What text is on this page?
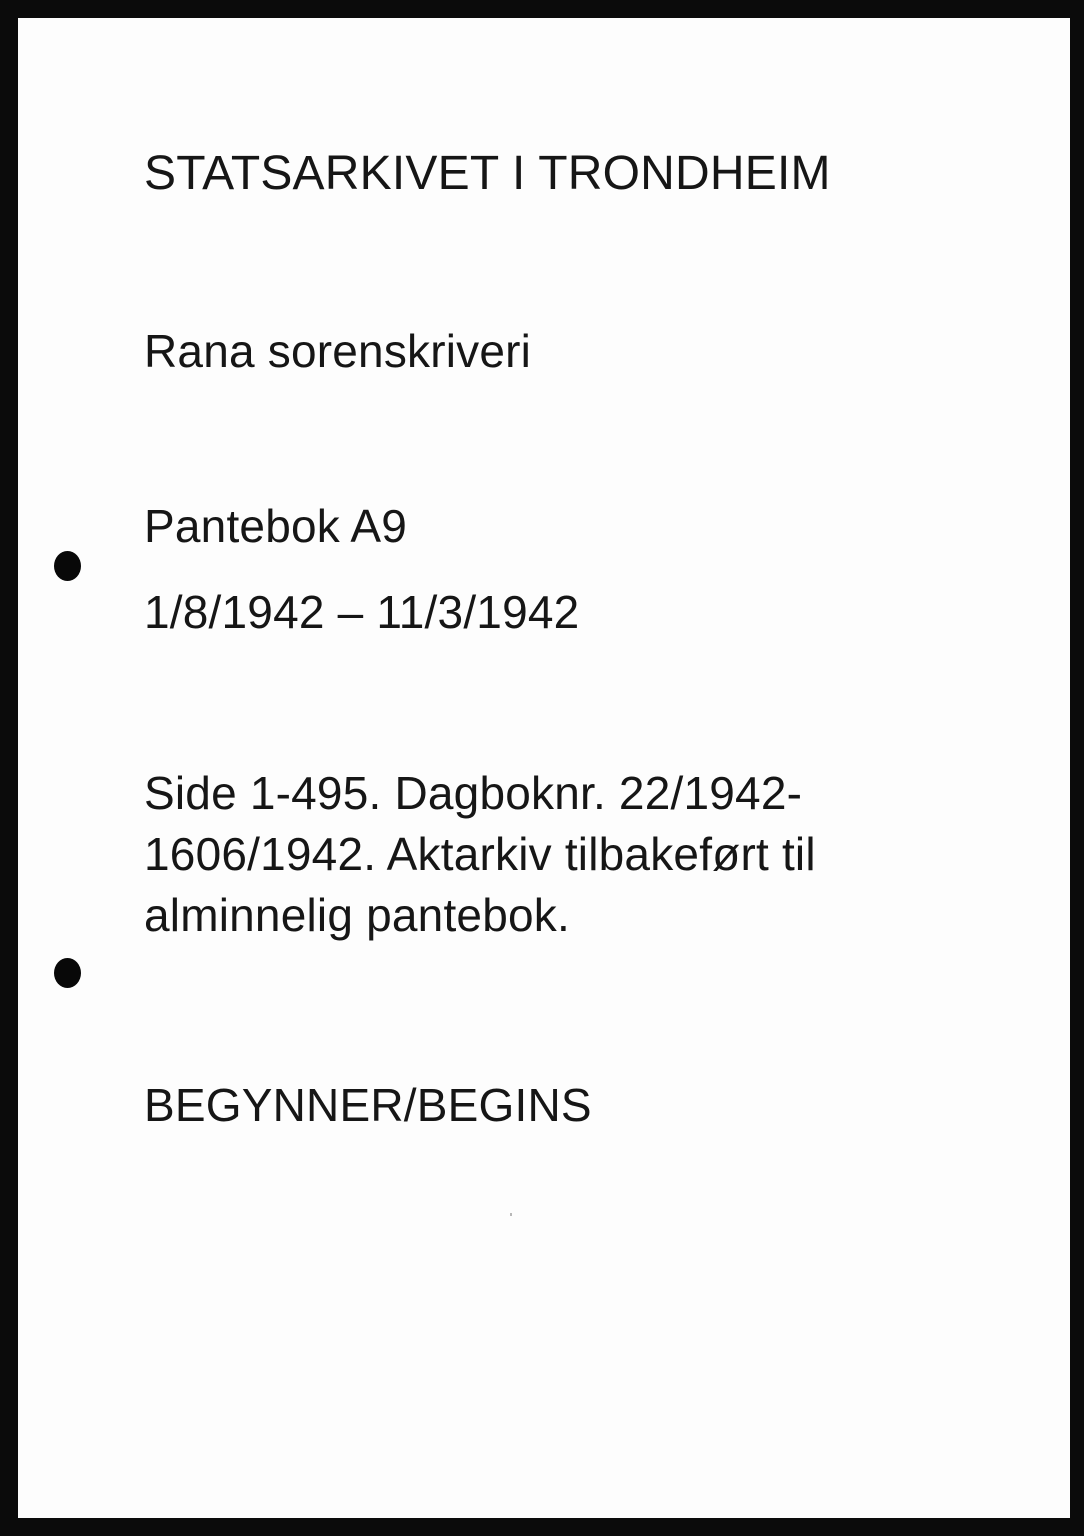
STATSARKIVET I TRONDHEIM

Rana sorenskriveri

Pantebok A9

1/8/1942 – 11/3/1942

Side 1-495. Dagboknr. 22/1942-
1606/1942. Aktarkiv tilbakeført til
alminnelig pantebok.

BEGYNNER/BEGINS
